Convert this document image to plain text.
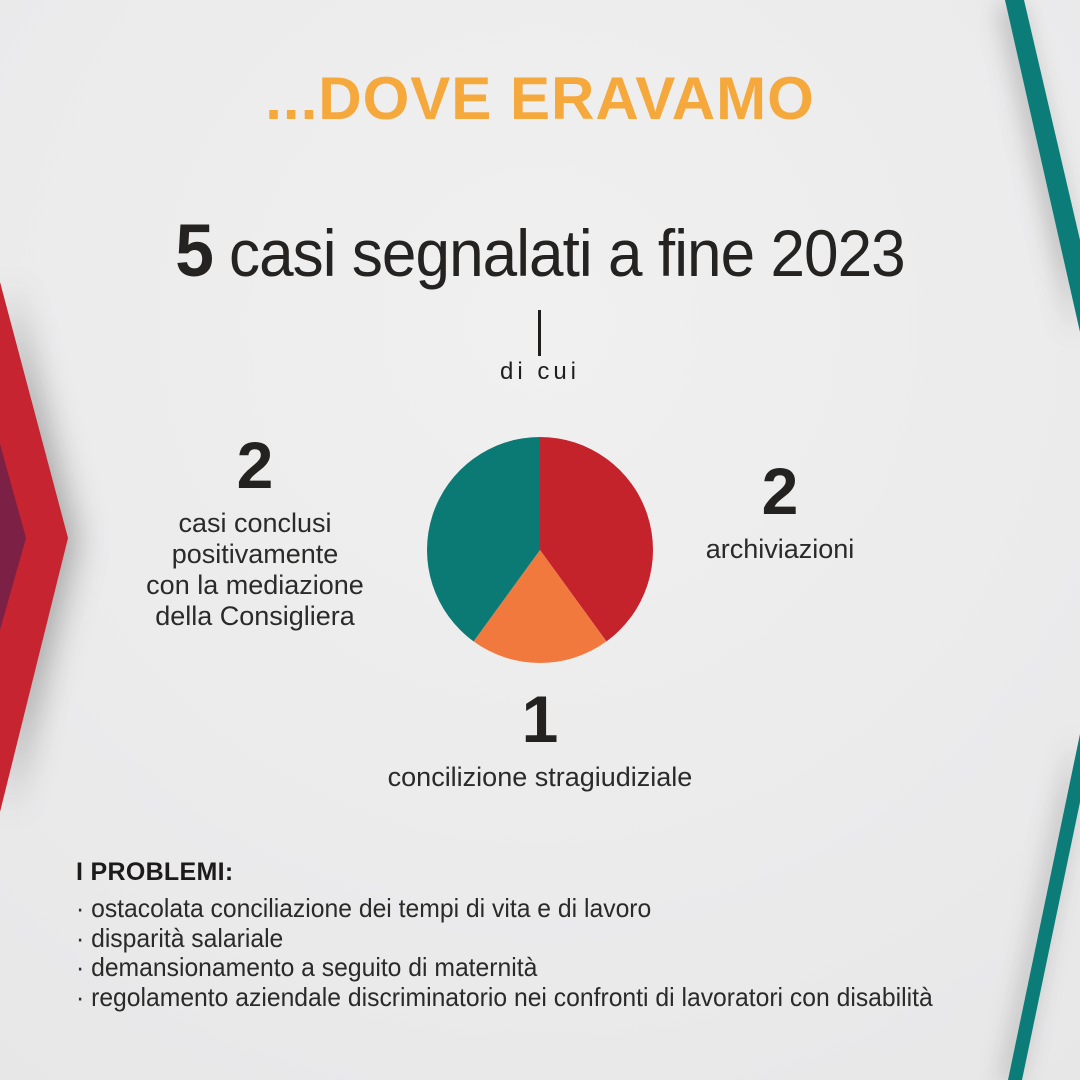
...DOVE ERAVAMO
5 casi segnalati a fine 2023
di cui
2
casi conclusi
positivamente
con la mediazione
della Consigliera
2
archiviazioni
1
concilizione stragiudiziale
I PROBLEMI:
· ostacolata conciliazione dei tempi di vita e di lavoro
· disparità salariale
· demansionamento a seguito di maternità
· regolamento aziendale discriminatorio nei confronti di lavoratori con disabilità
